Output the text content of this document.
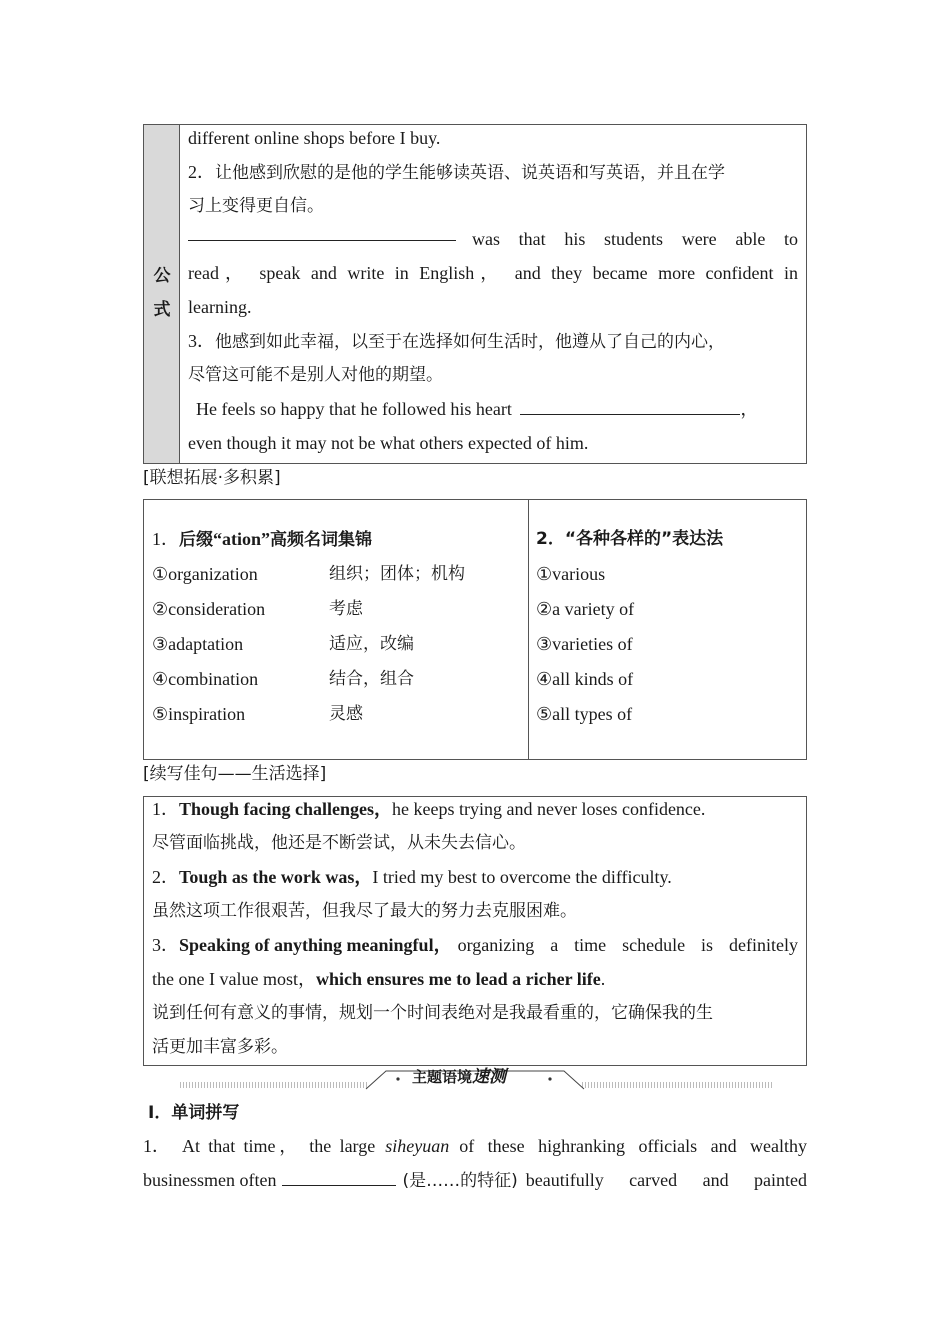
公
式
different online shops before I buy.
2．让他感到欣慰的是他的学生能够读英语、说英语和写英语，并且在学
习上变得更自信。
was that his students were able to
read， speak and write in English， and they became more confident in
learning.
3．他感到如此幸福，以至于在选择如何生活时，他遵从了自己的内心，
尽管这可能不是别人对他的期望。
He feels so happy that he followed his heart	，
even though it may not be what others expected of him.
[联想拓展·多积累]
1．后缀“ation”高频名词集锦
①organization	组织；团体；机构
②consideration	考虑
③adaptation	适应，改编
④combination	结合，组合
⑤inspiration	灵感
2．“各种各样的”表达法
①various
②a variety of
③varieties of
④all kinds of
⑤all types of
[续写佳句——生活选择]
1．Though facing challenges，he keeps trying and never loses confidence.
尽管面临挑战，他还是不断尝试，从未失去信心。
2．Tough as the work was，I tried my best to overcome the difficulty.
虽然这项工作很艰苦，但我尽了最大的努力去克服困难。
3．Speaking of anything meaningful， organizing a time schedule is definitely
the one I value most，which ensures me to lead a richer life.
说到任何有意义的事情，规划一个时间表绝对是我最看重的，它确保我的生
活更加丰富多彩。
主题语境速测
Ⅰ．单词拼写
1． At that time， the large siheyuan of these highranking officials and wealthy
businessmen often	(是……的特征) beautifully carved and painted
